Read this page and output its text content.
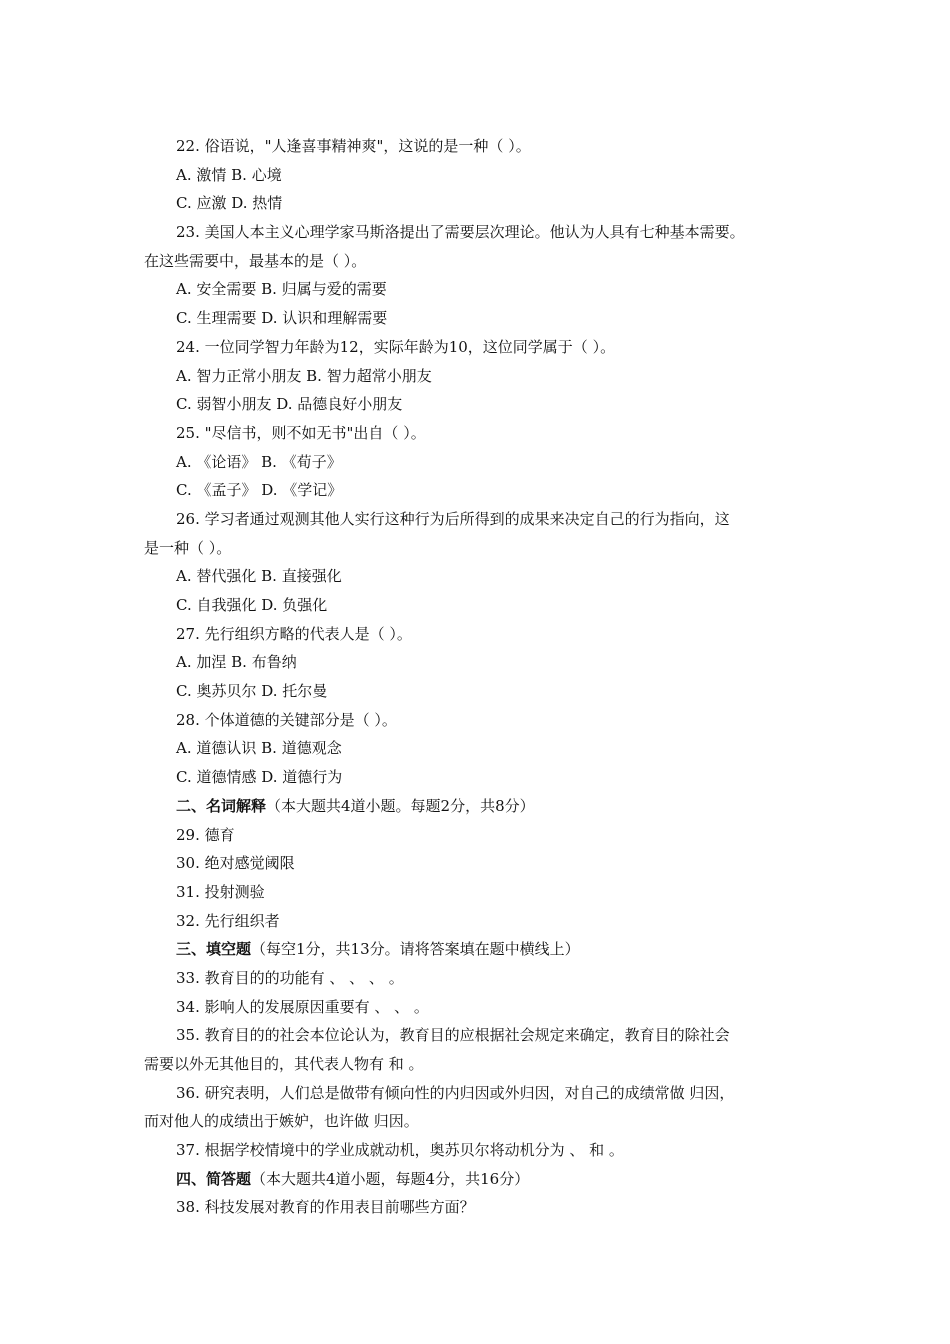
22. 俗语说，"人逢喜事精神爽"，这说的是一种（ ）。
A. 激情 B. 心境
C. 应激 D. 热情
23. 美国人本主义心理学家马斯洛提出了需要层次理论。他认为人具有七种基本需要。
在这些需要中，最基本的是（ ）。
A. 安全需要 B. 归属与爱的需要
C. 生理需要 D. 认识和理解需要
24. 一位同学智力年龄为12，实际年龄为10，这位同学属于（ ）。
A. 智力正常小朋友 B. 智力超常小朋友
C. 弱智小朋友 D. 品德良好小朋友
25. "尽信书，则不如无书"出自（ ）。
A. 《论语》 B. 《荀子》
C. 《孟子》 D. 《学记》
26. 学习者通过观测其他人实行这种行为后所得到的成果来决定自己的行为指向，这
是一种（ ）。
A. 替代强化 B. 直接强化
C. 自我强化 D. 负强化
27. 先行组织方略的代表人是（ ）。
A. 加涅 B. 布鲁纳
C. 奥苏贝尔 D. 托尔曼
28. 个体道德的关键部分是（ ）。
A. 道德认识 B. 道德观念
C. 道德情感 D. 道德行为
二、名词解释（本大题共4道小题。每题2分，共8分）
29. 德育
30. 绝对感觉阈限
31. 投射测验
32. 先行组织者
三、填空题（每空1分，共13分。请将答案填在题中横线上）
33. 教育目的的功能有 、 、 、 。
34. 影响人的发展原因重要有 、 、 。
35. 教育目的的社会本位论认为，教育目的应根据社会规定来确定，教育目的除社会
需要以外无其他目的，其代表人物有 和 。
36. 研究表明，人们总是做带有倾向性的内归因或外归因，对自己的成绩常做 归因，
而对他人的成绩出于嫉妒，也许做 归因。
37. 根据学校情境中的学业成就动机，奥苏贝尔将动机分为 、 和 。
四、简答题（本大题共4道小题，每题4分，共16分）
38. 科技发展对教育的作用表目前哪些方面？
